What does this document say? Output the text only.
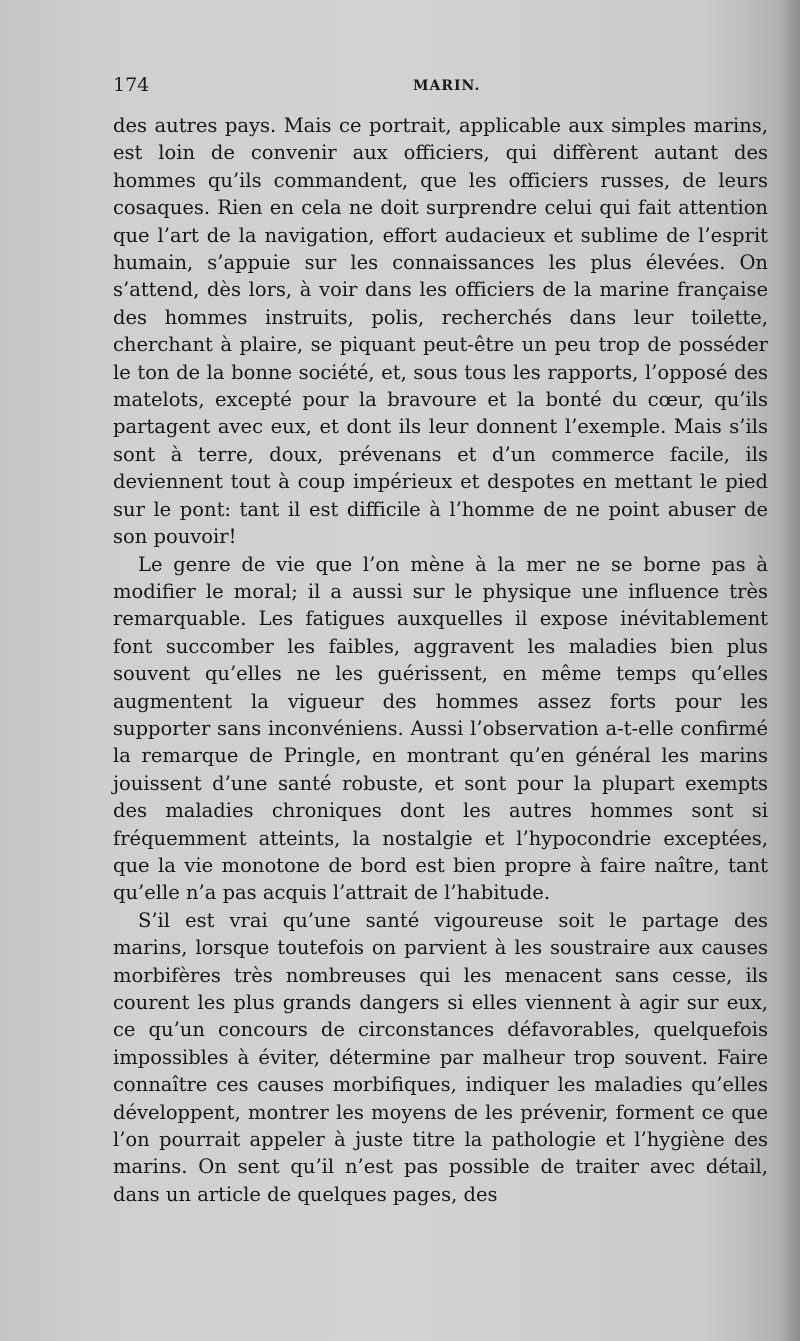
174	MARIN.

des autres pays. Mais ce portrait, applicable aux simples marins, est loin de convenir aux officiers, qui diffèrent autant des hommes qu’ils commandent, que les officiers russes, de leurs cosaques. Rien en cela ne doit surprendre celui qui fait attention que l’art de la navigation, effort audacieux et sublime de l’esprit humain, s’appuie sur les connaissances les plus élevées. On s’attend, dès lors, à voir dans les officiers de la marine française des hommes instruits, polis, recherchés dans leur toilette, cherchant à plaire, se piquant peut-être un peu trop de posséder le ton de la bonne société, et, sous tous les rapports, l’opposé des matelots, excepté pour la bravoure et la bonté du cœur, qu’ils partagent avec eux, et dont ils leur donnent l’exemple. Mais s’ils sont à terre, doux, prévenans et d’un commerce facile, ils deviennent tout à coup impérieux et despotes en mettant le pied sur le pont: tant il est difficile à l’homme de ne point abuser de son pouvoir!

Le genre de vie que l’on mène à la mer ne se borne pas à modifier le moral; il a aussi sur le physique une influence très remarquable. Les fatigues auxquelles il expose inévitablement font succomber les faibles, aggravent les maladies bien plus souvent qu’elles ne les guérissent, en même temps qu’elles augmentent la vigueur des hommes assez forts pour les supporter sans inconvéniens. Aussi l’observation a-t-elle confirmé la remarque de Pringle, en montrant qu’en général les marins jouissent d’une santé robuste, et sont pour la plupart exempts des maladies chroniques dont les autres hommes sont si fréquemment atteints, la nostalgie et l’hypocondrie exceptées, que la vie monotone de bord est bien propre à faire naître, tant qu’elle n’a pas acquis l’attrait de l’habitude.

S’il est vrai qu’une santé vigoureuse soit le partage des marins, lorsque toutefois on parvient à les soustraire aux causes morbifères très nombreuses qui les menacent sans cesse, ils courent les plus grands dangers si elles viennent à agir sur eux, ce qu’un concours de circonstances défavorables, quelquefois impossibles à éviter, détermine par malheur trop souvent. Faire connaître ces causes morbifiques, indiquer les maladies qu’elles développent, montrer les moyens de les prévenir, forment ce que l’on pourrait appeler à juste titre la pathologie et l’hygiène des marins. On sent qu’il n’est pas possible de traiter avec détail, dans un article de quelques pages, des
